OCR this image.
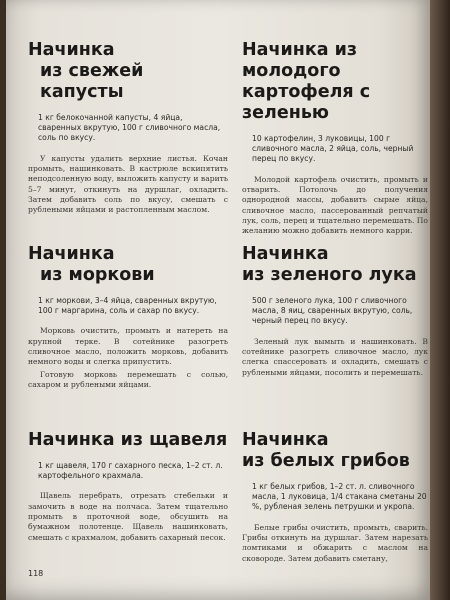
Начинка
из свежей капусты

1 кг белокочанной капусты, 4 яйца, сваренных вкрутую, 100 г сливочного масла, соль по вкусу.

У капусты удалить верхние листья. Кочан промыть, нашинковать. В кастрюле вскипятить неподсоленную воду, выложить капусту и варить 5–7 минут, откинуть на дуршлаг, охладить. Затем добавить соль по вкусу, смешать с рублеными яйцами и растопленным маслом.

Начинка
из моркови

1 кг моркови, 3–4 яйца, сваренных вкрутую, 100 г маргарина, соль и сахар по вкусу.

Морковь очистить, промыть и натереть на крупной терке. В сотейнике разогреть сливочное масло, положить морковь, добавить немного воды и слегка припустить.

Готовую морковь перемешать с солью, сахаром и рублеными яйцами.

Начинка из щавеля

1 кг щавеля, 170 г сахарного песка, 1–2 ст. л. картофельного крахмала.

Щавель перебрать, отрезать стебельки и замочить в воде на полчаса. Затем тщательно промыть в проточной воде, обсушить на бумажном полотенце. Щавель нашинковать, смешать с крахмалом, добавить сахарный песок.

Начинка из молодого
картофеля с зеленью

10 картофелин, 3 луковицы, 100 г сливочного масла, 2 яйца, соль, черный перец по вкусу.

Молодой картофель очистить, промыть и отварить. Потолочь до получения однородной массы, добавить сырые яйца, сливочное масло, пассерованный репчатый лук, соль, перец и тщательно перемешать. По желанию можно добавить немного карри.

Начинка
из зеленого лука

500 г зеленого лука, 100 г сливочного масла, 8 яиц, сваренных вкрутую, соль, черный перец по вкусу.

Зеленый лук вымыть и нашинковать. В сотейнике разогреть сливочное масло, лук слегка спассеровать и охладить, смешать с рублеными яйцами, посолить и перемешать.

Начинка
из белых грибов

1 кг белых грибов, 1–2 ст. л. сливочного масла, 1 луковица, 1/4 стакана сметаны 20 %, рубленая зелень петрушки и укропа.

Белые грибы очистить, промыть, сварить. Грибы откинуть на дуршлаг. Затем нарезать ломтиками и обжарить с маслом на сковороде. Затем добавить сметану,

118
